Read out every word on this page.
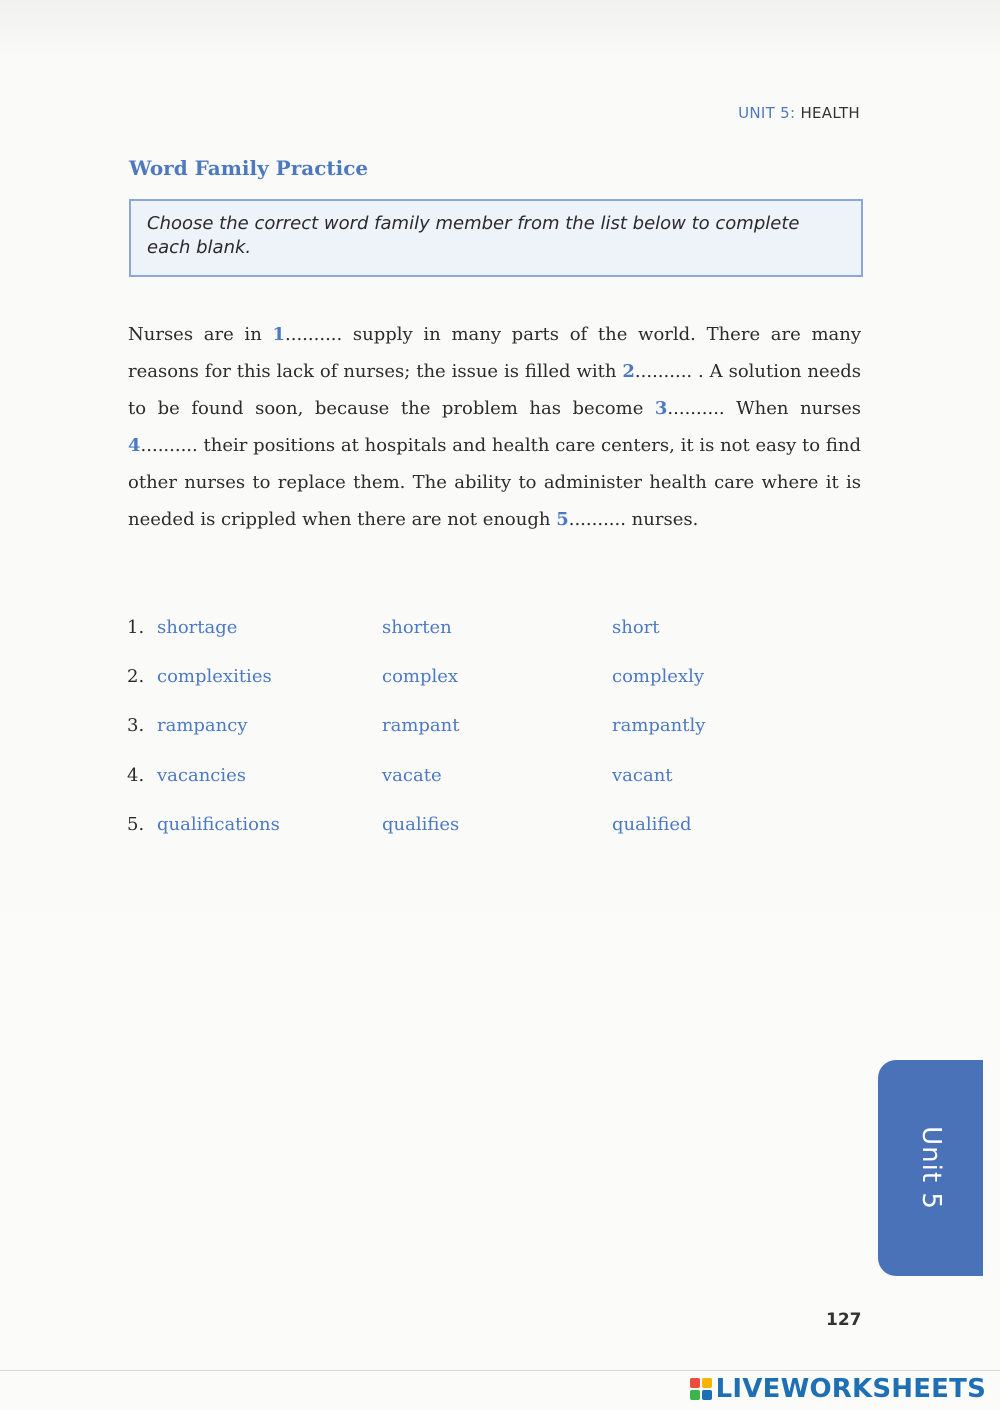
UNIT 5: HEALTH
Word Family Practice
Choose the correct word family member from the list below to complete each blank.
Nurses are in 1.......... supply in many parts of the world. There are many reasons for this lack of nurses; the issue is filled with 2.......... . A solution needs to be found soon, because the problem has become 3.......... When nurses 4.......... their positions at hospitals and health care centers, it is not easy to find other nurses to replace them. The ability to administer health care where it is needed is crippled when there are not enough 5.......... nurses.
1. shortage	shorten	short
2. complexities	complex	complexly
3. rampancy	rampant	rampantly
4. vacancies	vacate	vacant
5. qualifications	qualifies	qualified
Unit 5
127
LIVEWORKSHEETS
